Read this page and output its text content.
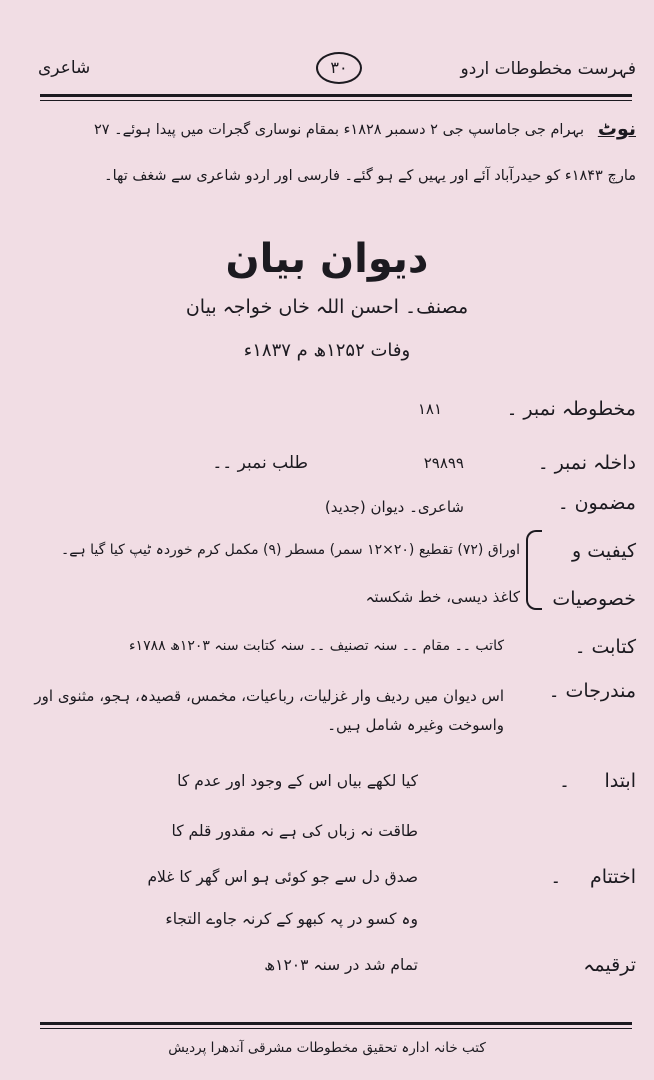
فہرست مخطوطات اردو
۳۰
شاعری
نوٹ
بہرام جی جاماسپ جی ۲ دسمبر ۱۸۲۸ء بمقام نوساری گجرات میں پیدا ہوئے۔ ۲۷
مارچ ۱۸۴۳ء کو حیدرآباد آئے اور یہیں کے ہو گئے۔ فارسی اور اردو شاعری سے شغف تھا۔
دیوان بیان
مصنف۔ احسن اللہ خاں خواجہ بیان
وفات ۱۲۵۲ھ م ۱۸۳۷ء
مخطوطہ نمبر ۔
۱۸۱
داخلہ نمبر ۔
۲۹۸۹۹
طلب نمبر ۔۔
مضمون ۔
شاعری۔ دیوان (جدید)
کیفیت و
خصوصیات
اوراق (۷۲) تقطیع (۲۰×۱۲ سمر) مسطر (۹) مکمل کرم خوردہ ٹیپ کیا گیا ہے۔
کاغذ دیسی، خط شکستہ
کتابت ۔
کاتب ۔۔ مقام ۔۔ سنہ تصنیف ۔۔ سنہ کتابت سنہ ۱۲۰۳ھ ۱۷۸۸ء
مندرجات ۔
اس دیوان میں ردیف وار غزلیات، رباعیات، مخمس، قصیدہ، ہجو، مثنوی اور واسوخت وغیرہ شامل ہیں۔
ابتدا      ۔
کیا لکھے بیاں اس کے وجود اور عدم کا
طاقت نہ زباں کی ہے نہ مقدور قلم کا
اختتام     ۔
صدق دل سے جو کوئی ہو اس گھر کا غلام
وہ کسو در پہ کبھو کے کرنہ جاوے التجاء
ترقیمہ
تمام شد در سنہ ۱۲۰۳ھ
کتب خانہ ادارہ تحقیق مخطوطات مشرقی آندھرا پردیش
